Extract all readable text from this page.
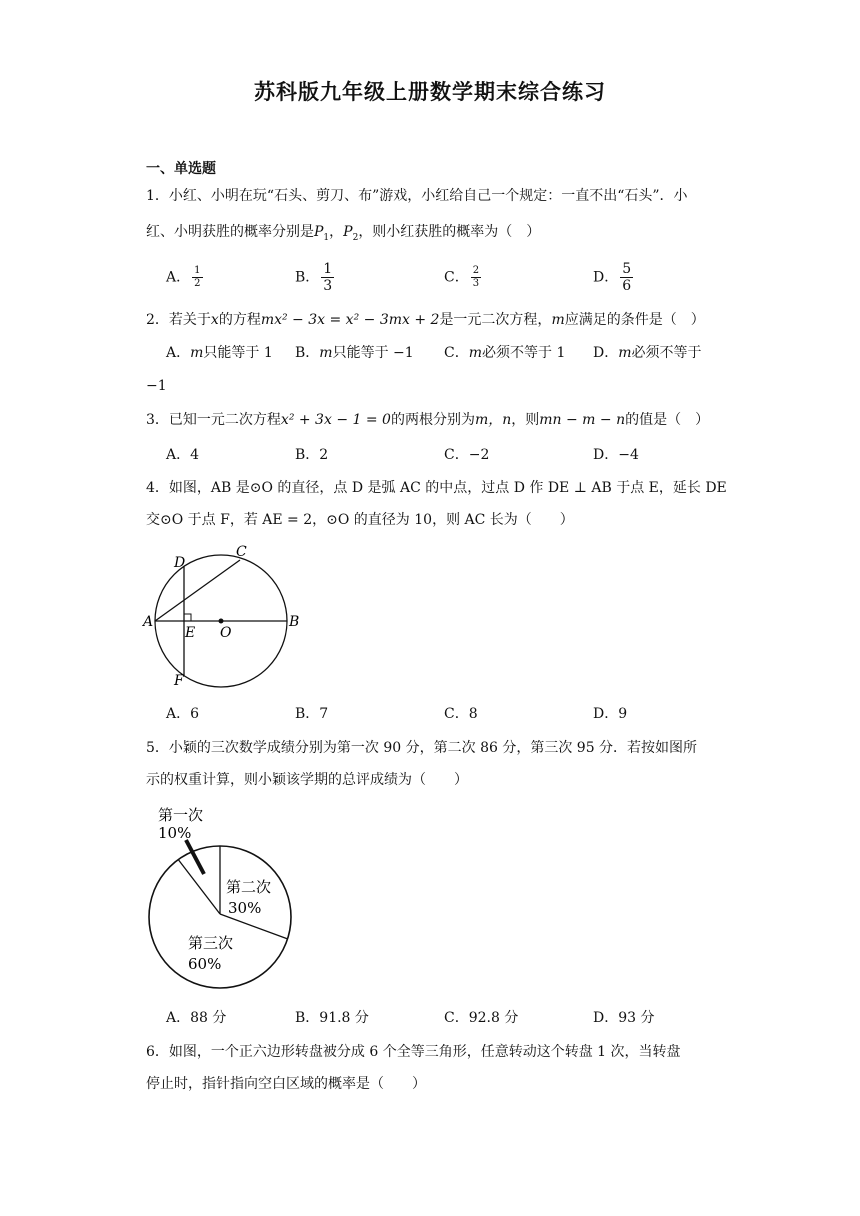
苏科版九年级上册数学期末综合练习
一、单选题
1．小红、小明在玩“石头、剪刀、布”游戏，小红给自己一个规定：一直不出“石头”．小
红、小明获胜的概率分别是$P_1$，$P_2$，则小红获胜的概率为（　）
A． $\frac{1}{2}$	B． $\frac{1}{3}$	C． $\frac{2}{3}$	D． $\frac{5}{6}$
2．若关于x的方程mx² − 3x = x² − 3mx + 2是一元二次方程，m应满足的条件是（　）
A．m只能等于 1 B．m只能等于 −1 C．m必须不等于 1 D．m必须不等于
−1
3．已知一元二次方程x² + 3x − 1 = 0的两根分别为m，n，则mn − m − n的值是（　）
A．4	B．2	C．−2	D．−4
4．如图，AB 是⊙O 的直径，点 D 是弧 AC 的中点，过点 D 作 DE ⊥ AB 于点 E，延长 DE
交⊙O 于点 F，若 AE = 2，⊙O 的直径为 10，则 AC 长为（　　）
A	B
C
D
E
F
O
A．6	B．7	C．8	D．9
5．小颖的三次数学成绩分别为第一次 90 分，第二次 86 分，第三次 95 分．若按如图所
示的权重计算，则小颖该学期的总评成绩为（　　）
第一次
10%
第二次
30%
第三次
60%
A．88 分	B．91.8 分	C．92.8 分	D．93 分
6．如图，一个正六边形转盘被分成 6 个全等三角形，任意转动这个转盘 1 次，当转盘
停止时，指针指向空白区域的概率是（　　）
